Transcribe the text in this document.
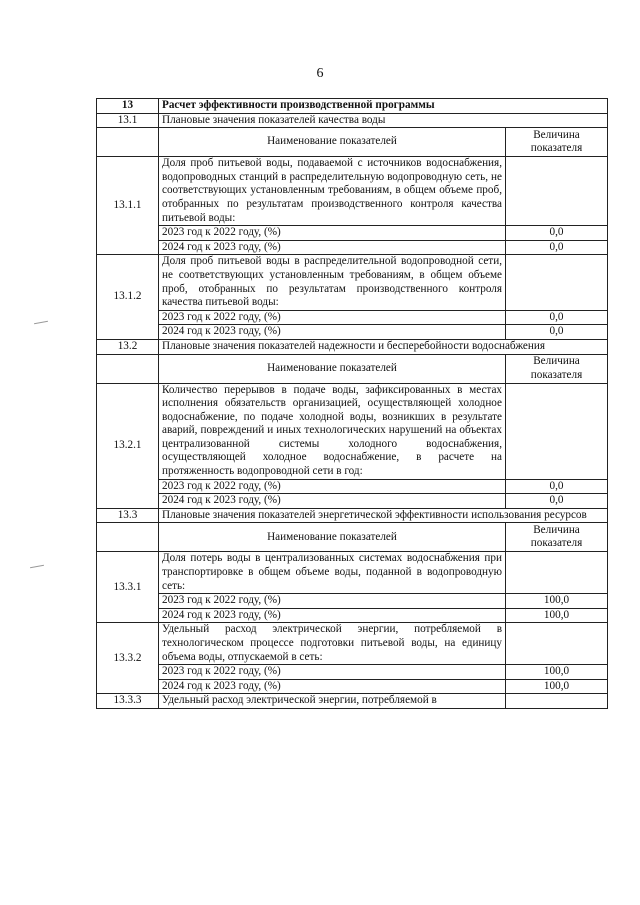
6
13	Расчет эффективности производственной программы	
13.1	Плановые значения показателей качества воды	
	Наименование показателей	Величина показателя
13.1.1	Доля проб питьевой воды, подаваемой с источников водоснабжения, водопроводных станций в распределительную водопроводную сеть, не соответствующих установленным требованиям, в общем объеме проб, отобранных по результатам производственного контроля качества питьевой воды:	
	2023 год к 2022 году, (%)	0,0
	2024 год к 2023 году, (%)	0,0
13.1.2	Доля проб питьевой воды в распределительной водопроводной сети, не соответствующих установленным требованиям, в общем объеме проб, отобранных по результатам производственного контроля качества питьевой воды:	
	2023 год к 2022 году, (%)	0,0
	2024 год к 2023 году, (%)	0,0
13.2	Плановые значения показателей надежности и бесперебойности водоснабжения	
	Наименование показателей	Величина показателя
13.2.1	Количество перерывов в подаче воды, зафиксированных в местах исполнения обязательств организацией, осуществляющей холодное водоснабжение, по подаче холодной воды, возникших в результате аварий, повреждений и иных технологических нарушений на объектах централизованной системы холодного водоснабжения, осуществляющей холодное водоснабжение, в расчете на протяженность водопроводной сети в год:	
	2023 год к 2022 году, (%)	0,0
	2024 год к 2023 году, (%)	0,0
13.3	Плановые значения показателей энергетической эффективности использования ресурсов	
	Наименование показателей	Величина показателя
13.3.1	Доля потерь воды в централизованных системах водоснабжения при транспортировке в общем объеме воды, поданной в водопроводную сеть:	
	2023 год к 2022 году, (%)	100,0
	2024 год к 2023 году, (%)	100,0
13.3.2	Удельный расход электрической энергии, потребляемой в технологическом процессе подготовки питьевой воды, на единицу объема воды, отпускаемой в сеть:	
	2023 год к 2022 году, (%)	100,0
	2024 год к 2023 году, (%)	100,0
13.3.3	Удельный расход электрической энергии, потребляемой в	
